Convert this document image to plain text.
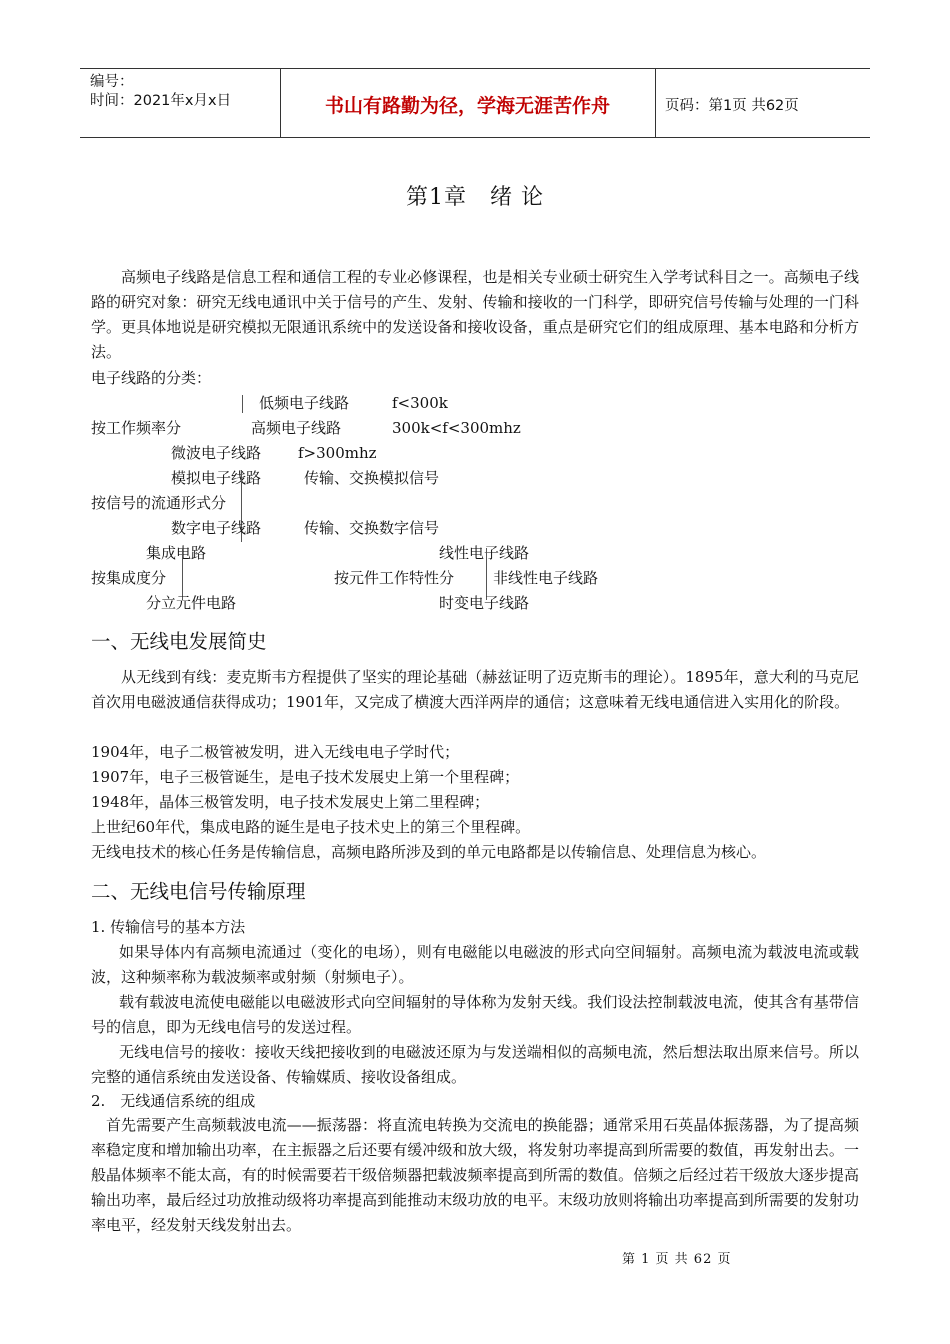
编号：
时间：2021年x月x日	书山有路勤为径，学海无涯苦作舟	页码：第1页 共62页
第1章　绪 论
高频电子线路是信息工程和通信工程的专业必修课程，也是相关专业硕士研究生入学考试科目之一。高频电子线路的研究对象：研究无线电通讯中关于信号的产生、发射、传输和接收的一门科学，即研究信号传输与处理的一门科学。更具体地说是研究模拟无限通讯系统中的发送设备和接收设备，重点是研究它们的组成原理、基本电路和分析方法。
电子线路的分类：
低频电子线路	f<300k
按工作频率分	高频电子线路	300k<f<300mhz
微波电子线路 f>300mhz
模拟电子线路	传输、交换模拟信号
按信号的流通形式分
数字电子线路	传输、交换数字信号
集成电路	线性电子线路
按集成度分	按元件工作特性分	非线性电子线路
分立元件电路	时变电子线路
一、无线电发展简史
从无线到有线：麦克斯韦方程提供了坚实的理论基础（赫兹证明了迈克斯韦的理论）。1895年，意大利的马克尼首次用电磁波通信获得成功；1901年，又完成了横渡大西洋两岸的通信；这意味着无线电通信进入实用化的阶段。
1904年，电子二极管被发明，进入无线电电子学时代；
1907年，电子三极管诞生，是电子技术发展史上第一个里程碑；
1948年，晶体三极管发明，电子技术发展史上第二里程碑；
上世纪60年代，集成电路的诞生是电子技术史上的第三个里程碑。
无线电技术的核心任务是传输信息，高频电路所涉及到的单元电路都是以传输信息、处理信息为核心。
二、无线电信号传输原理
1. 传输信号的基本方法
如果导体内有高频电流通过（变化的电场），则有电磁能以电磁波的形式向空间辐射。高频电流为载波电流或载波，这种频率称为载波频率或射频（射频电子）。
载有载波电流使电磁能以电磁波形式向空间辐射的导体称为发射天线。我们设法控制载波电流，使其含有基带信号的信息，即为无线电信号的发送过程。
无线电信号的接收：接收天线把接收到的电磁波还原为与发送端相似的高频电流，然后想法取出原来信号。所以完整的通信系统由发送设备、传输媒质、接收设备组成。
2.　无线通信系统的组成
首先需要产生高频载波电流——振荡器：将直流电转换为交流电的换能器；通常采用石英晶体振荡器，为了提高频率稳定度和增加输出功率，在主振器之后还要有缓冲级和放大级，将发射功率提高到所需要的数值，再发射出去。一般晶体频率不能太高，有的时候需要若干级倍频器把载波频率提高到所需的数值。倍频之后经过若干级放大逐步提高输出功率，最后经过功放推动级将功率提高到能推动末级功放的电平。末级功放则将输出功率提高到所需要的发射功率电平，经发射天线发射出去。
第 1 页 共 62 页
